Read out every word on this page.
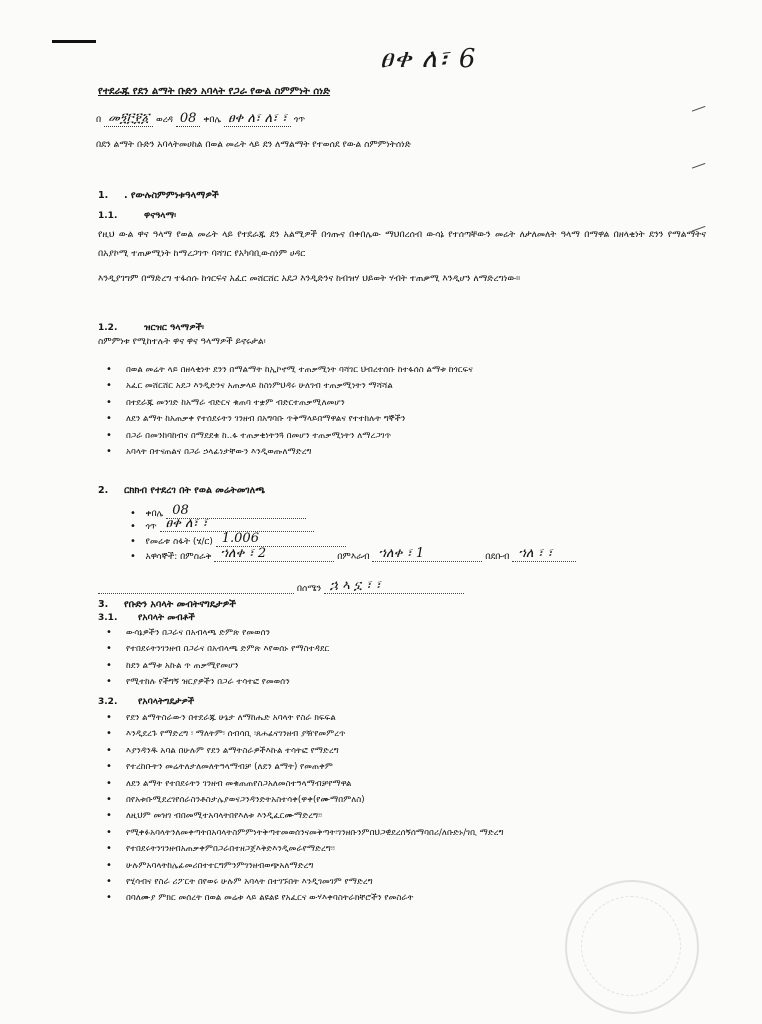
ፀቀ ለ፣ 6
የተደራጁ የደን ልማት ቡድን አባላት የጋራ የውል ስምምነት ሰነድ
በ መ፺፫፻፩ ወረዳ 08 ቀበሌ ፀቀ ለ፣ ለ፣ ፣ ጎጥ
በደን ልማት ቡድን አባላትመሀከል በወል መሬት ላይ ደን ለማልማት የተወሰደ የውል ስምምነትሰነድ
1. . የውሉስምምነቱዓላማዎች
1.1.	ዋናዓላማ፡
የዚህ ውል ዋና ዓላማ የወል መሬት ላይ የተደራጁ ደን አልሚዎች በጎጡና በቀበሌው ማህበረሰብ ውሳኔ የተሰጣቸውን መሬት ለታለመለት ዓላማ በማዋል በዘላቂነት ደንን የማልማትና በአያኮሚ ተጠቃሚነት ከማረጋገጥ ባሻገር የአካባቢውስነም ሀዳር
እንዲያገግም በማድረግ ተፋሰሱ ከጎርፍና አፈር መሸርሸር አደጋ እንዲድንና ከብዝሃ ህይወት ሃብት ተጠቃሚ እንዲሆን ለማድረግነው።
1.2.	ዝርዝር ዓላማዎች፡
ስምምነቱ የሚከተሉት ዋና ዋና ዓላማዎች ይኖሩታል፡
• በወል መሬት ላይ በዘላቂነት ደንን በማልማት ከኢኮኖሚ ተጠቃሚነት ባሻገር ህብረተሰቡ ከተፋሰስ ልማቱ ከጎርፍና
• አፈር መሸርሸር አደጋ እንዲድንና አጠቃላይ ከስነምህዳሩ ሁለገብ ተጠቃሚነትን ማሻሻል
• በተደራጁ መንገድ ከአማራ ብድርና ቁጠባ ተቋም ብድርተጠቃሚለመሆን
• ለደን ልማት ከአጠቃቀ የተሰደሩትን ገንዘብ በአግባቡ ጥቅማላይበማዋልና የተተከሉት ግኞችን
• በጋራ በመንከባከብና በማደደቁ ከ..ፋ ተጠቃቂነትንጓ በመሆን ተጠቃሚነትን ለማረጋገጥ
• አባላት በተናጠልና በጋራ ኃላፊነታቸውን እንዲወጡለማድረግ
2. ርክክብ የተደረገ በት የወል መሬትመገለጫ
•   ቀበሌ 08
•   ጎጥ ፀቀ ለ፣ ፣
•   የመሬቱ ስፋት (ሄ/ር) 1.006
•   አዋሳኞች: በምስራቅ ኀለቀ ፣ 2	በምእራብ ኀለቀ ፣ 1	በደቡብ ኀለ ፣ ፣
በሰሜን ኋ ኣ ኗ ፣ ፣
3. የቡድን አባላት መብትናግዴታዎች
3.1. የአባላት መብቶች
• ውሳኔዎችን በጋራና በአብላጫ ድምጽ የመወሰን
• የተበደሩትንገንዘብ በጋራና በአብላጫ ድምጽ እየወሰኑ የማስተዳደር
• ከደን ልማቱ አኩል ጥ ጠቃሚየመሆን
• የሚተከሉ የችግኝ ዝርያዎችን በጋራ ተሳተፎ የመወሰን
3.2. የአባላትግዴታዎች
• የደን ልማትስራውን በተደራጁ ሁኔታ ለማከሔድ አባላት የስራ ክፍፍል
• እንዲደረጉ የማድረግ ፡ ማለትም፡ ሰብሳቢ ፡ጸሐፊናገንዘብ ያዥየመምረጥ
• እያንዳንዱ አባል በሁሉም የደን ልማትስራዎችእኩል ተሳትፎ የማድረግ
• የተረከቡትን መሬትለታለመለትዓላማብቻ (ለደን ልማት) የመጠቀም
• ለደን ልማት የተበደሩትን ገንዘብ መቁጠጠየስጋአለመስተዓላማብቻየማዋል
• በየአቱቡሚደረገየሰራስንቶስታሌያወናጋንዳንድትአስተሳቀ(ዋቀ(የሙማበምለስ)
• ለዚህም መዝገ ብበመሚተአባላትበየእለቱ እንዲፈርሙማድረግ፡፡
• የሚቀፉአባላትንለመቀጣትበአባላትስምምነትቅጣተመወሰንናመቅጣት፡ገንዘቡንምበህጋዊደረሰኝሰማባበሪ/ለቡድኑ/ገቢ ማድረግ
• የተበደሩትንገንዘብአጠቃቀምበጋራበተዘጋጀእቅድእንዲመራየማድረግ፡፡
• ሁሉምአባላትከሌፊመሪበተተርግምንምገንዘብወጭአለማድረግ
• የሂሳብና የስራ ሪፖርት በየወሩ ሁሉም አባላት በተገኙበት እንዲገመገም የማድረግ
• በባለሙያ ምክር መሰረት በወል መሬቱ ላይ ልዩልዩ የአፈርና ውሃእቀባስትራክቸሮችን የመስራት
